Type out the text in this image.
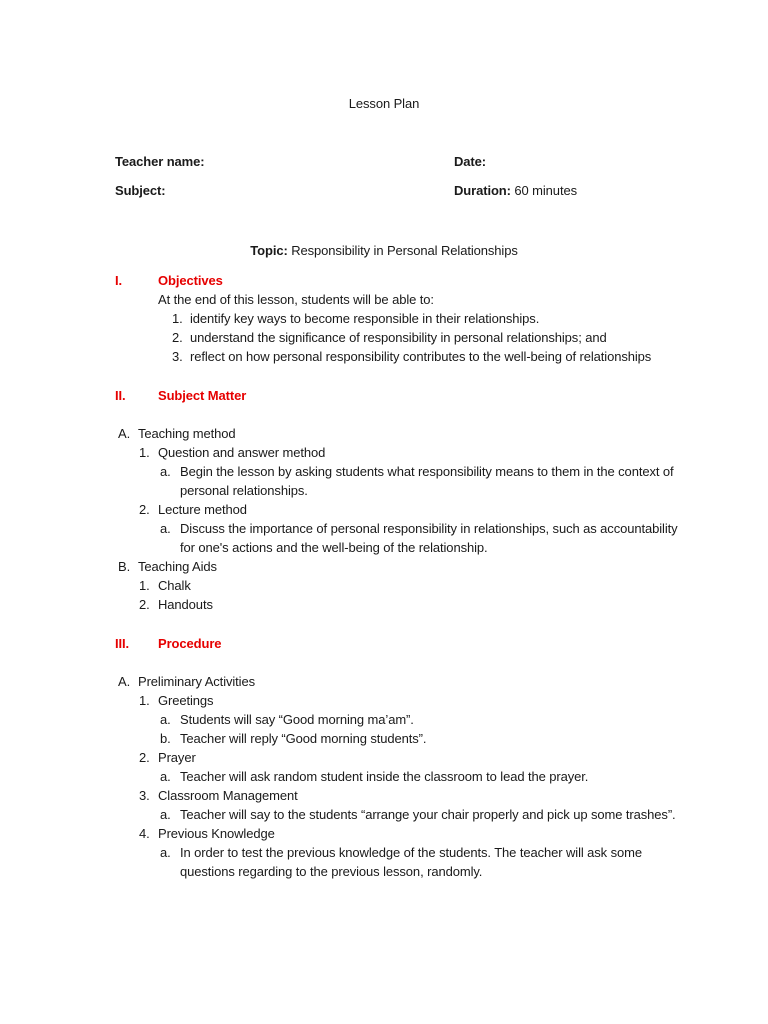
Lesson Plan
Teacher name:	Date:
Subject:	Duration: 60 minutes
Topic: Responsibility in Personal Relationships
I.	Objectives
At the end of this lesson, students will be able to:
1. identify key ways to become responsible in their relationships.
2. understand the significance of responsibility in personal relationships; and
3. reflect on how personal responsibility contributes to the well-being of relationships
II.	Subject Matter
A. Teaching method
1. Question and answer method
a. Begin the lesson by asking students what responsibility means to them in the context of personal relationships.
2. Lecture method
a. Discuss the importance of personal responsibility in relationships, such as accountability for one's actions and the well-being of the relationship.
B. Teaching Aids
1. Chalk
2. Handouts
III.	Procedure
A. Preliminary Activities
1. Greetings
a. Students will say “Good morning ma’am”.
b. Teacher will reply “Good morning students”.
2. Prayer
a. Teacher will ask random student inside the classroom to lead the prayer.
3. Classroom Management
a. Teacher will say to the students “arrange your chair properly and pick up some trashes”.
4. Previous Knowledge
a. In order to test the previous knowledge of the students. The teacher will ask some questions regarding to the previous lesson, randomly.
